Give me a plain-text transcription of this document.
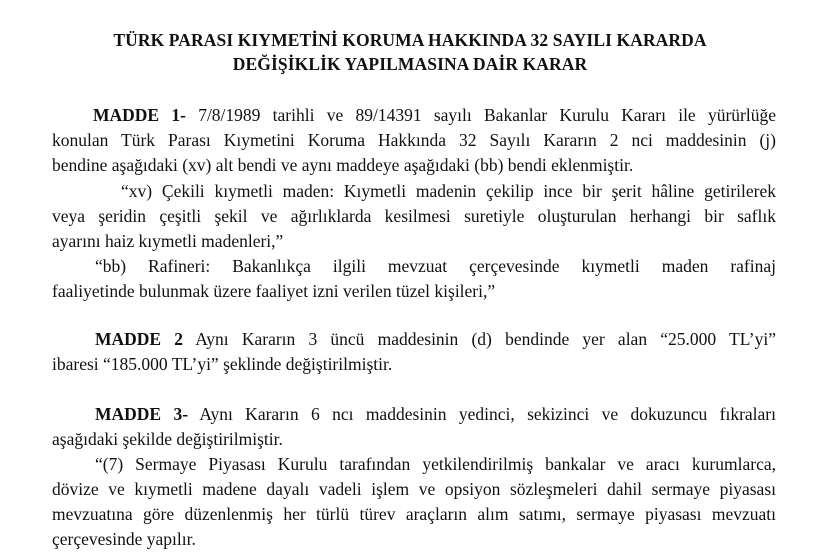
TÜRK PARASI KIYMETİNİ KORUMA HAKKINDA 32 SAYILI KARARDA
DEĞİŞİKLİK YAPILMASINA DAİR KARAR
MADDE 1- 7/8/1989 tarihli ve 89/14391 sayılı Bakanlar Kurulu Kararı ile yürürlüğe
konulan Türk Parası Kıymetini Koruma Hakkında 32 Sayılı Kararın 2 nci maddesinin (j)
bendine aşağıdaki (xv) alt bendi ve aynı maddeye aşağıdaki (bb) bendi eklenmiştir.
“xv) Çekili kıymetli maden: Kıymetli madenin çekilip ince bir şerit hâline getirilerek
veya şeridin çeşitli şekil ve ağırlıklarda kesilmesi suretiyle oluşturulan herhangi bir saflık
ayarını haiz kıymetli madenleri,”
“bb) Rafineri: Bakanlıkça ilgili mevzuat çerçevesinde kıymetli maden rafinaj
faaliyetinde bulunmak üzere faaliyet izni verilen tüzel kişileri,”
MADDE 2 Aynı Kararın 3 üncü maddesinin (d) bendinde yer alan “25.000 TL’yi”
ibaresi “185.000 TL’yi” şeklinde değiştirilmiştir.
MADDE 3- Aynı Kararın 6 ncı maddesinin yedinci, sekizinci ve dokuzuncu fıkraları
aşağıdaki şekilde değiştirilmiştir.
“(7) Sermaye Piyasası Kurulu tarafından yetkilendirilmiş bankalar ve aracı kurumlarca,
dövize ve kıymetli madene dayalı vadeli işlem ve opsiyon sözleşmeleri dahil sermaye piyasası
mevzuatına göre düzenlenmiş her türlü türev araçların alım satımı, sermaye piyasası mevzuatı
çerçevesinde yapılır.
